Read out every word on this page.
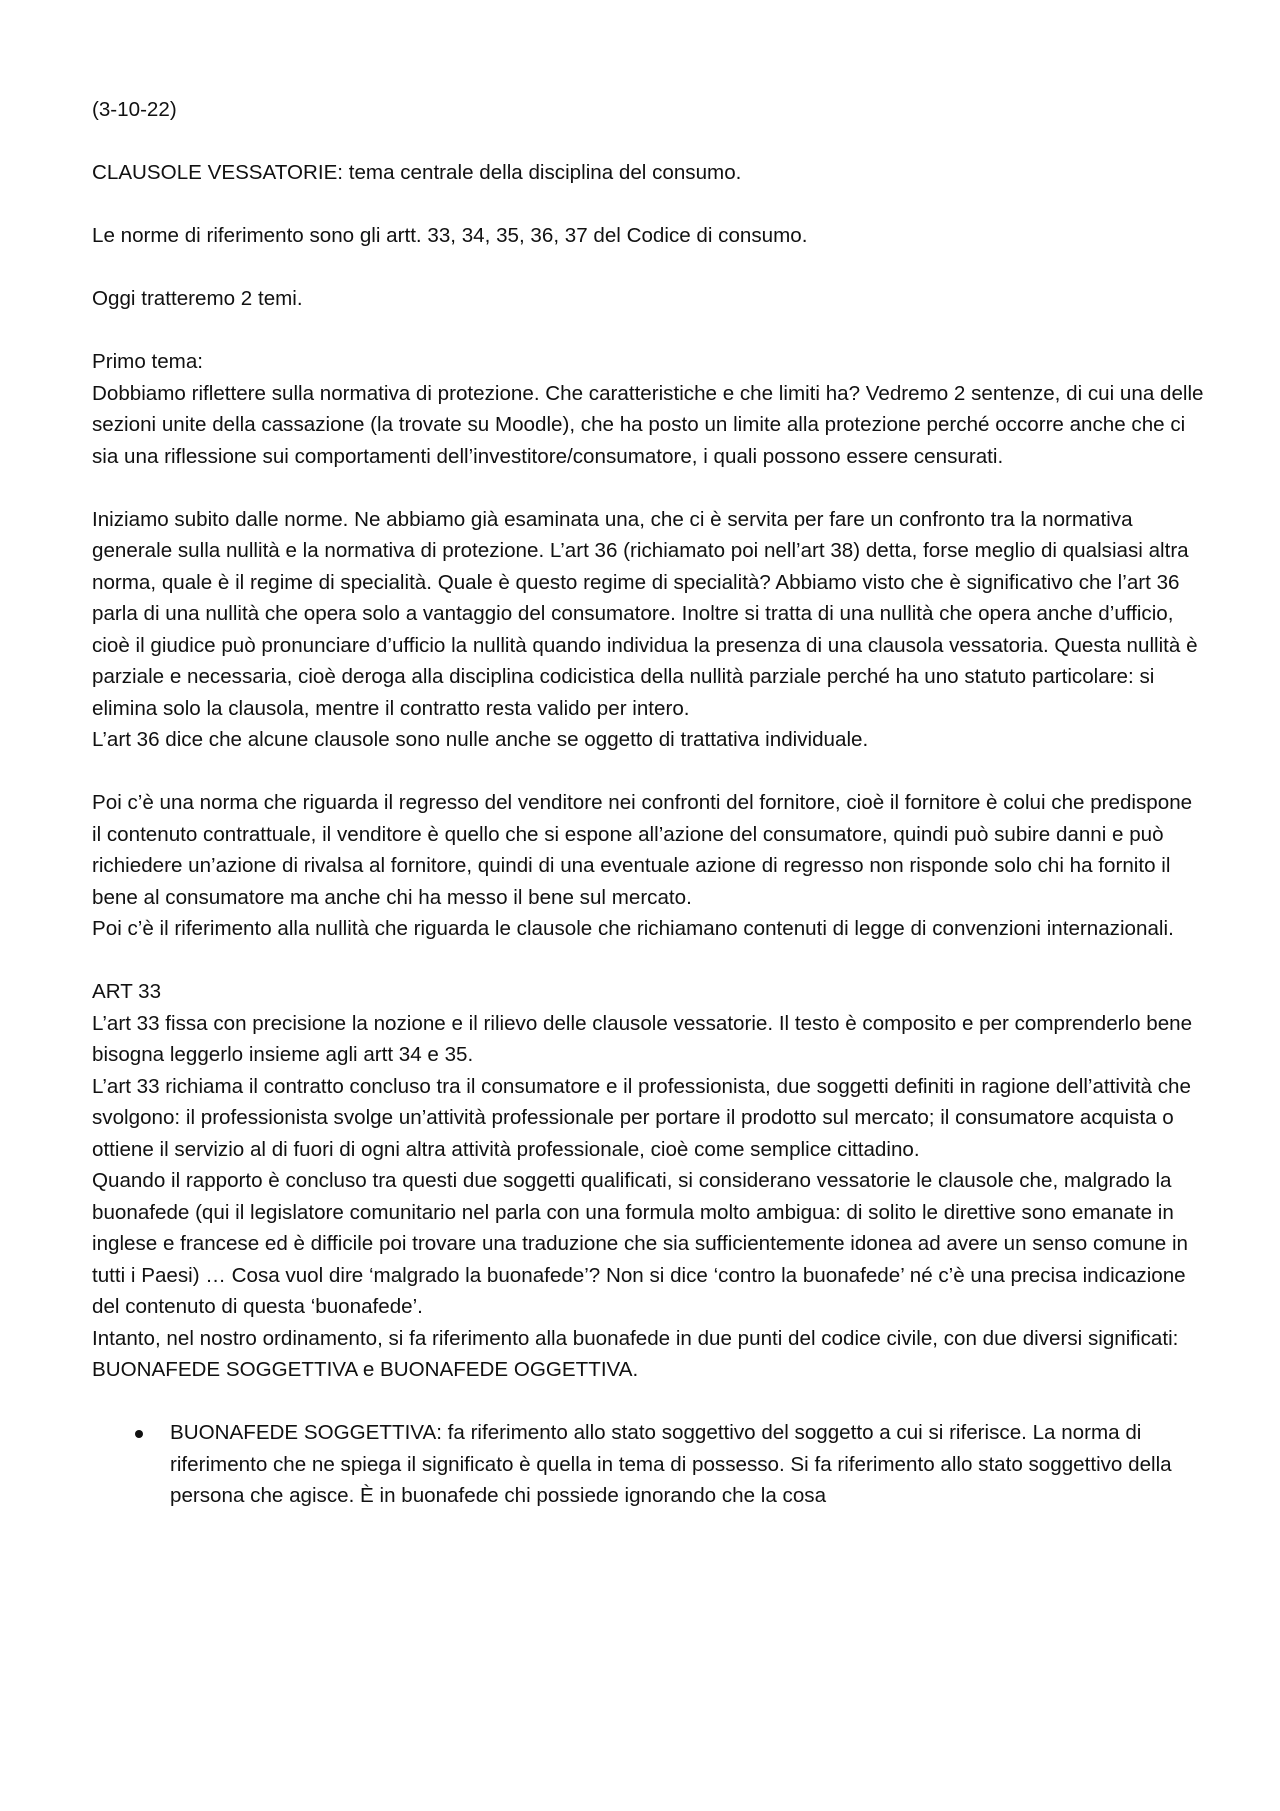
(3-10-22)

CLAUSOLE VESSATORIE: tema centrale della disciplina del consumo.

Le norme di riferimento sono gli artt. 33, 34, 35, 36, 37 del Codice di consumo.

Oggi tratteremo 2 temi.

Primo tema:

Dobbiamo riflettere sulla normativa di protezione. Che caratteristiche e che limiti ha? Vedremo 2 sentenze, di cui una delle sezioni unite della cassazione (la trovate su Moodle), che ha posto un limite alla protezione perché occorre anche che ci sia una riflessione sui comportamenti dell’investitore/consumatore, i quali possono essere censurati.

Iniziamo subito dalle norme. Ne abbiamo già esaminata una, che ci è servita per fare un confronto tra la normativa generale sulla nullità e la normativa di protezione. L’art 36 (richiamato poi nell’art 38) detta, forse meglio di qualsiasi altra norma, quale è il regime di specialità. Quale è questo regime di specialità? Abbiamo visto che è significativo che l’art 36 parla di una nullità che opera solo a vantaggio del consumatore. Inoltre si tratta di una nullità che opera anche d’ufficio, cioè il giudice può pronunciare d’ufficio la nullità quando individua la presenza di una clausola vessatoria. Questa nullità è parziale e necessaria, cioè deroga alla disciplina codicistica della nullità parziale perché ha uno statuto particolare: si elimina solo la clausola, mentre il contratto resta valido per intero.

L’art 36 dice che alcune clausole sono nulle anche se oggetto di trattativa individuale.

Poi c’è una norma che riguarda il regresso del venditore nei confronti del fornitore, cioè il fornitore è colui che predispone il contenuto contrattuale, il venditore è quello che si espone all’azione del consumatore, quindi può subire danni e può richiedere un’azione di rivalsa al fornitore, quindi di una eventuale azione di regresso non risponde solo chi ha fornito il bene al consumatore ma anche chi ha messo il bene sul mercato.

Poi c’è il riferimento alla nullità che riguarda le clausole che richiamano contenuti di legge di convenzioni internazionali.

ART 33

L’art 33 fissa con precisione la nozione e il rilievo delle clausole vessatorie. Il testo è composito e per comprenderlo bene bisogna leggerlo insieme agli artt 34 e 35.

L’art 33 richiama il contratto concluso tra il consumatore e il professionista, due soggetti definiti in ragione dell’attività che svolgono: il professionista svolge un’attività professionale per portare il prodotto sul mercato; il consumatore acquista o ottiene il servizio al di fuori di ogni altra attività professionale, cioè come semplice cittadino.

Quando il rapporto è concluso tra questi due soggetti qualificati, si considerano vessatorie le clausole che, malgrado la buonafede (qui il legislatore comunitario nel parla con una formula molto ambigua: di solito le direttive sono emanate in inglese e francese ed è difficile poi trovare una traduzione che sia sufficientemente idonea ad avere un senso comune in tutti i Paesi) … Cosa vuol dire ‘malgrado la buonafede’? Non si dice ‘contro la buonafede’ né c’è una precisa indicazione del contenuto di questa ‘buonafede’.

Intanto, nel nostro ordinamento, si fa riferimento alla buonafede in due punti del codice civile, con due diversi significati: BUONAFEDE SOGGETTIVA e BUONAFEDE OGGETTIVA.

BUONAFEDE SOGGETTIVA: fa riferimento allo stato soggettivo del soggetto a cui si riferisce. La norma di riferimento che ne spiega il significato è quella in tema di possesso. Si fa riferimento allo stato soggettivo della persona che agisce. È in buonafede chi possiede ignorando che la cosa
